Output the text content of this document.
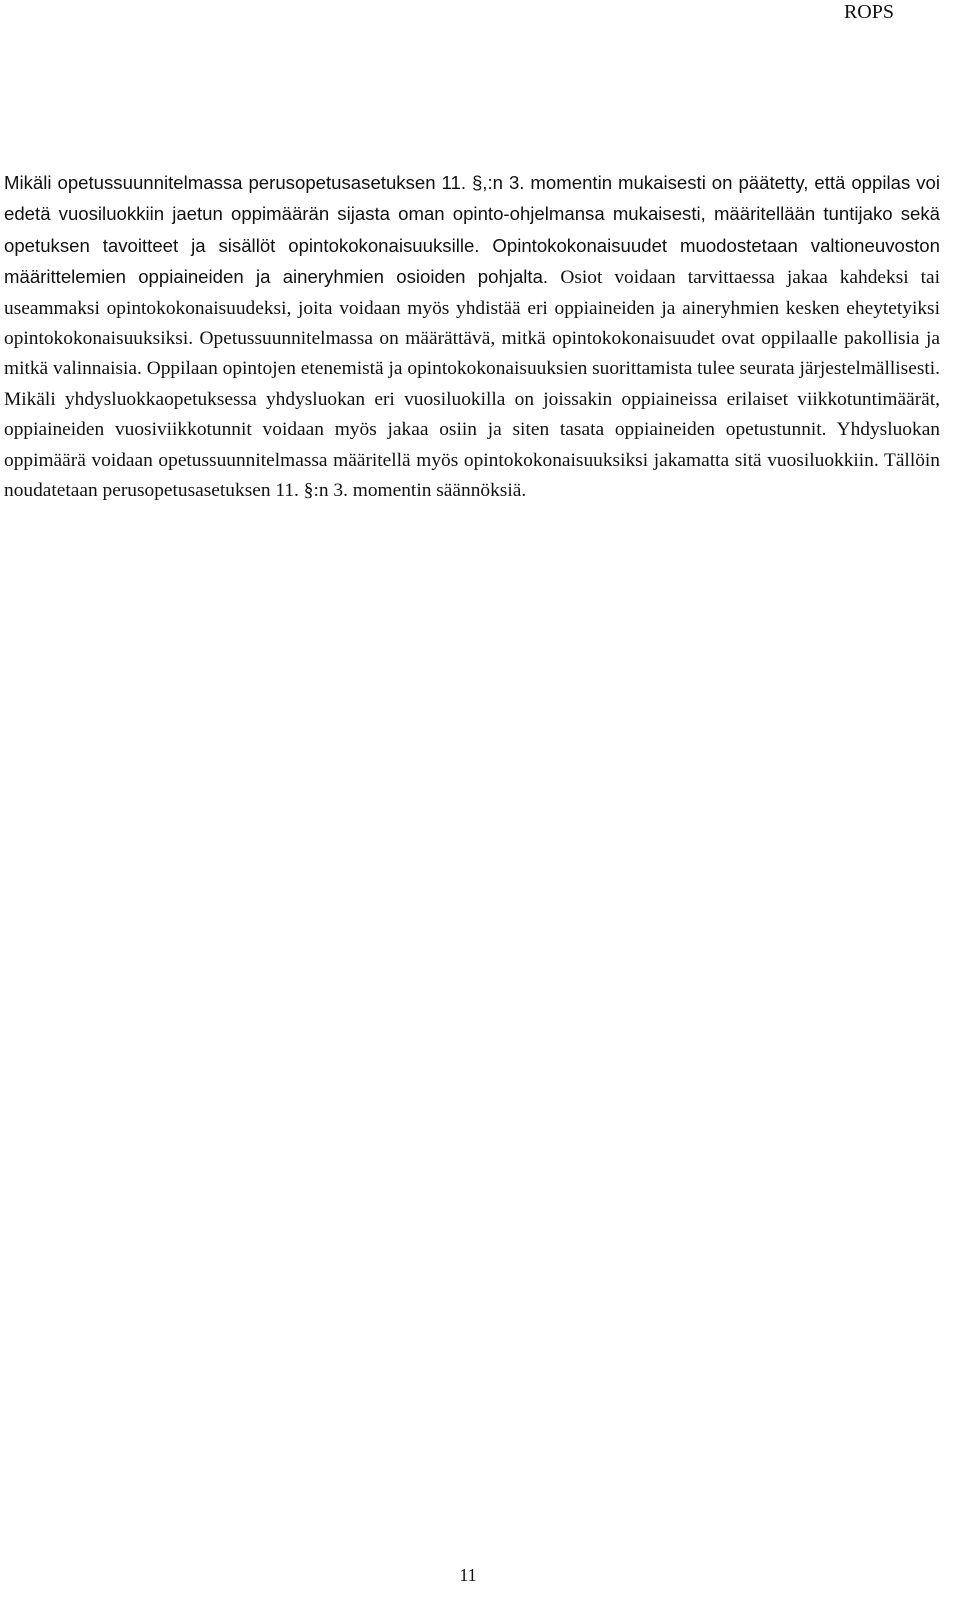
ROPS

Mikäli opetussuunnitelmassa perusopetusasetuksen 11. §,:n 3. momentin mukaisesti on päätetty, että oppilas voi edetä vuosiluokkiin jaetun oppimäärän sijasta oman opinto-ohjelmansa mukaisesti, määritellään tuntijako sekä opetuksen tavoitteet ja sisällöt opintokokonaisuuksille. Opintokokonaisuudet muodostetaan valtioneuvoston määrittelemien oppiaineiden ja aineryhmien osioiden pohjalta. Osiot voidaan tarvittaessa jakaa kahdeksi tai useammaksi opintokokonaisuudeksi, joita voidaan myös yhdistää eri oppiaineiden ja aineryhmien kesken eheytetyiksi opintokokonaisuuksiksi. Opetussuunnitelmassa on määrättävä, mitkä opintokokonaisuudet ovat oppilaalle pakollisia ja mitkä valinnaisia. Oppilaan opintojen etenemistä ja opintokokonaisuuksien suorittamista tulee seurata järjestelmällisesti. Mikäli yhdysluokkaopetuksessa yhdysluokan eri vuosiluokilla on joissakin oppiaineissa erilaiset viikkotuntimäärät, oppiaineiden vuosiviikkotunnit voidaan myös jakaa osiin ja siten tasata oppiaineiden opetustunnit. Yhdysluokan oppimäärä voidaan opetussuunnitelmassa määritellä myös opintokokonaisuuksiksi jakamatta sitä vuosiluokkiin. Tällöin noudatetaan perusopetusasetuksen 11. §:n 3. momentin säännöksiä.

11
